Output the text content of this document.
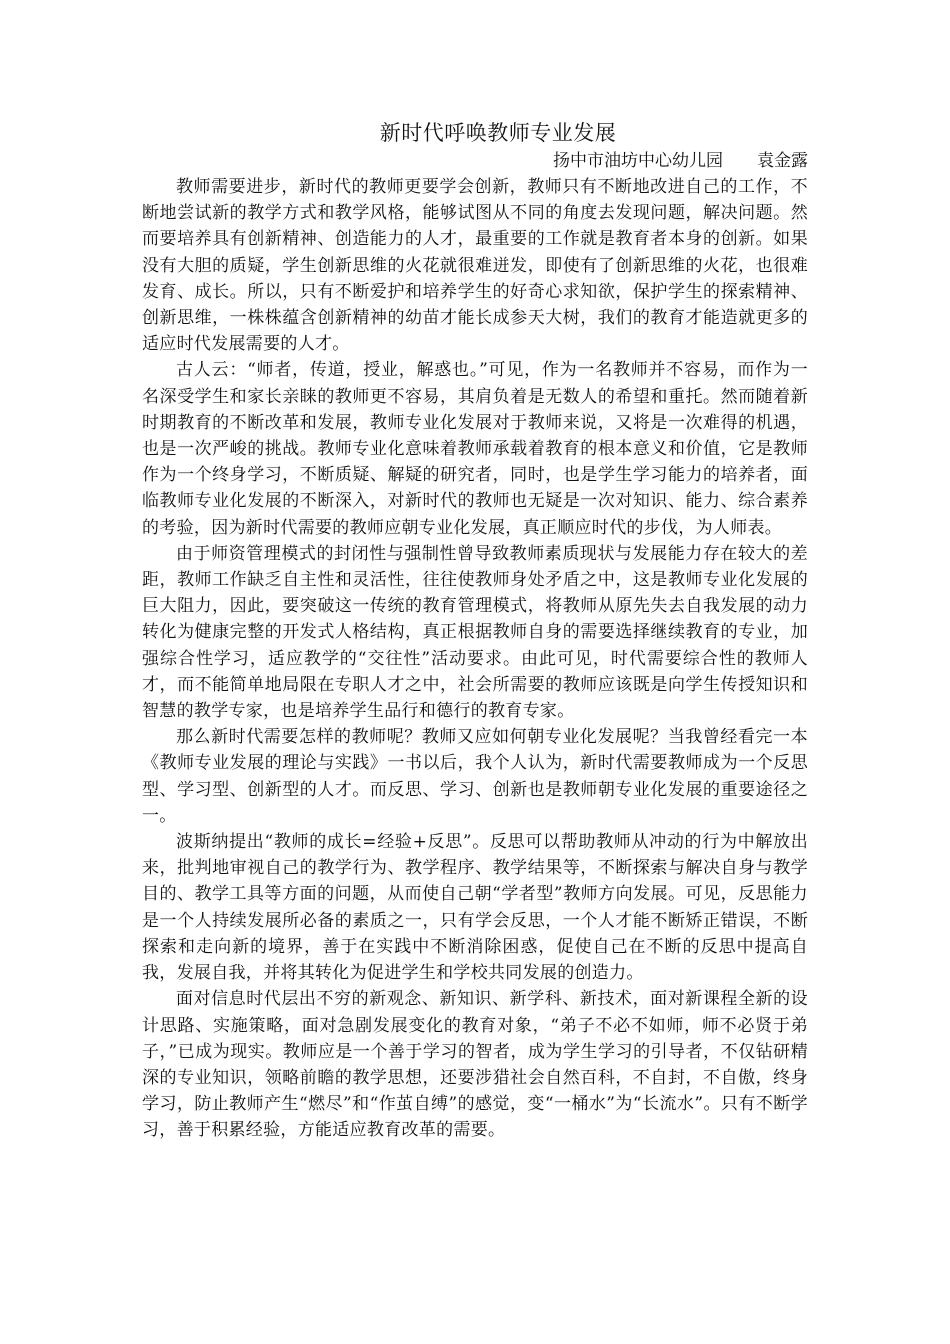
新时代呼唤教师专业发展
扬中市油坊中心幼儿园 袁金露

教师需要进步，新时代的教师更要学会创新，教师只有不断地改进自己的工作，不断地尝试新的教学方式和教学风格，能够试图从不同的角度去发现问题，解决问题。然而要培养具有创新精神、创造能力的人才，最重要的工作就是教育者本身的创新。如果没有大胆的质疑，学生创新思维的火花就很难迸发，即使有了创新思维的火花，也很难发育、成长。所以，只有不断爱护和培养学生的好奇心求知欲，保护学生的探索精神、创新思维，一株株蕴含创新精神的幼苗才能长成参天大树，我们的教育才能造就更多的适应时代发展需要的人才。

古人云：“师者，传道，授业，解惑也。”可见，作为一名教师并不容易，而作为一名深受学生和家长亲睐的教师更不容易，其肩负着是无数人的希望和重托。然而随着新时期教育的不断改革和发展，教师专业化发展对于教师来说，又将是一次难得的机遇，也是一次严峻的挑战。教师专业化意味着教师承载着教育的根本意义和价值，它是教师作为一个终身学习，不断质疑、解疑的研究者，同时，也是学生学习能力的培养者，面临教师专业化发展的不断深入，对新时代的教师也无疑是一次对知识、能力、综合素养的考验，因为新时代需要的教师应朝专业化发展，真正顺应时代的步伐，为人师表。

由于师资管理模式的封闭性与强制性曾导致教师素质现状与发展能力存在较大的差距，教师工作缺乏自主性和灵活性，往往使教师身处矛盾之中，这是教师专业化发展的巨大阻力，因此，要突破这一传统的教育管理模式，将教师从原先失去自我发展的动力转化为健康完整的开发式人格结构，真正根据教师自身的需要选择继续教育的专业，加强综合性学习，适应教学的“交往性”活动要求。由此可见，时代需要综合性的教师人才，而不能简单地局限在专职人才之中，社会所需要的教师应该既是向学生传授知识和智慧的教学专家，也是培养学生品行和德行的教育专家。

那么新时代需要怎样的教师呢？教师又应如何朝专业化发展呢？当我曾经看完一本《教师专业发展的理论与实践》一书以后，我个人认为，新时代需要教师成为一个反思型、学习型、创新型的人才。而反思、学习、创新也是教师朝专业化发展的重要途径之一。

波斯纳提出“教师的成长=经验+反思”。反思可以帮助教师从冲动的行为中解放出来，批判地审视自己的教学行为、教学程序、教学结果等，不断探索与解决自身与教学目的、教学工具等方面的问题，从而使自己朝“学者型”教师方向发展。可见，反思能力是一个人持续发展所必备的素质之一，只有学会反思，一个人才能不断矫正错误，不断探索和走向新的境界，善于在实践中不断消除困惑，促使自己在不断的反思中提高自我，发展自我，并将其转化为促进学生和学校共同发展的创造力。

面对信息时代层出不穷的新观念、新知识、新学科、新技术，面对新课程全新的设计思路、实施策略，面对急剧发展变化的教育对象，“弟子不必不如师，师不必贤于弟子，”已成为现实。教师应是一个善于学习的智者，成为学生学习的引导者，不仅钻研精深的专业知识，领略前瞻的教学思想，还要涉猎社会自然百科，不自封，不自傲，终身学习，防止教师产生“燃尽”和“作茧自缚”的感觉，变“一桶水”为“长流水”。只有不断学习，善于积累经验，方能适应教育改革的需要。
